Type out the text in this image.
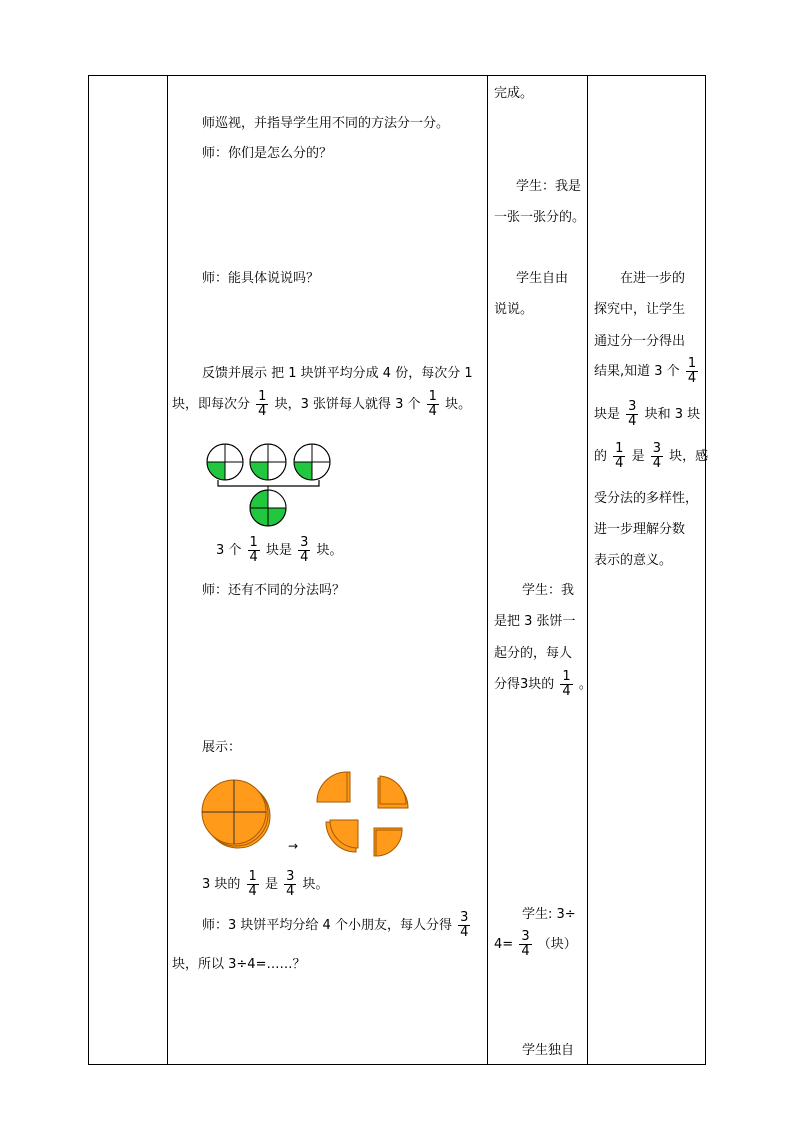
师巡视，并指导学生用不同的方法分一分。
师：你们是怎么分的？
师：能具体说说吗？
反馈并展示 把 1 块饼平均分成 4 份，每次分 1
块，即每次分 $\frac{1}{4}$ 块，3 张饼每人就得 3 个 $\frac{1}{4}$ 块。
3 个 $\frac{1}{4}$ 块是 $\frac{3}{4}$ 块。
师：还有不同的分法吗？
展示：
→
3 块的 $\frac{1}{4}$ 是 $\frac{3}{4}$ 块。
师：3 块饼平均分给 4 个小朋友，每人分得 $\frac{3}{4}$
块，所以 3÷4=……？
完成。
学生：我是
一张一张分的。
学生自由
说说。
学生：我
是把 3 张饼一
起分的，每人
分得3块的 $\frac{1}{4}$ 。
学生: 3÷
$4= \frac{3}{4}$ （块）
学生独自
在进一步的
探究中，让学生
通过分一分得出
结果,知道 3 个 $\frac{1}{4}$
块是 $\frac{3}{4}$ 块和 3 块
的 $\frac{1}{4}$ 是 $\frac{3}{4}$ 块，感
受分法的多样性，
进一步理解分数
表示的意义。
